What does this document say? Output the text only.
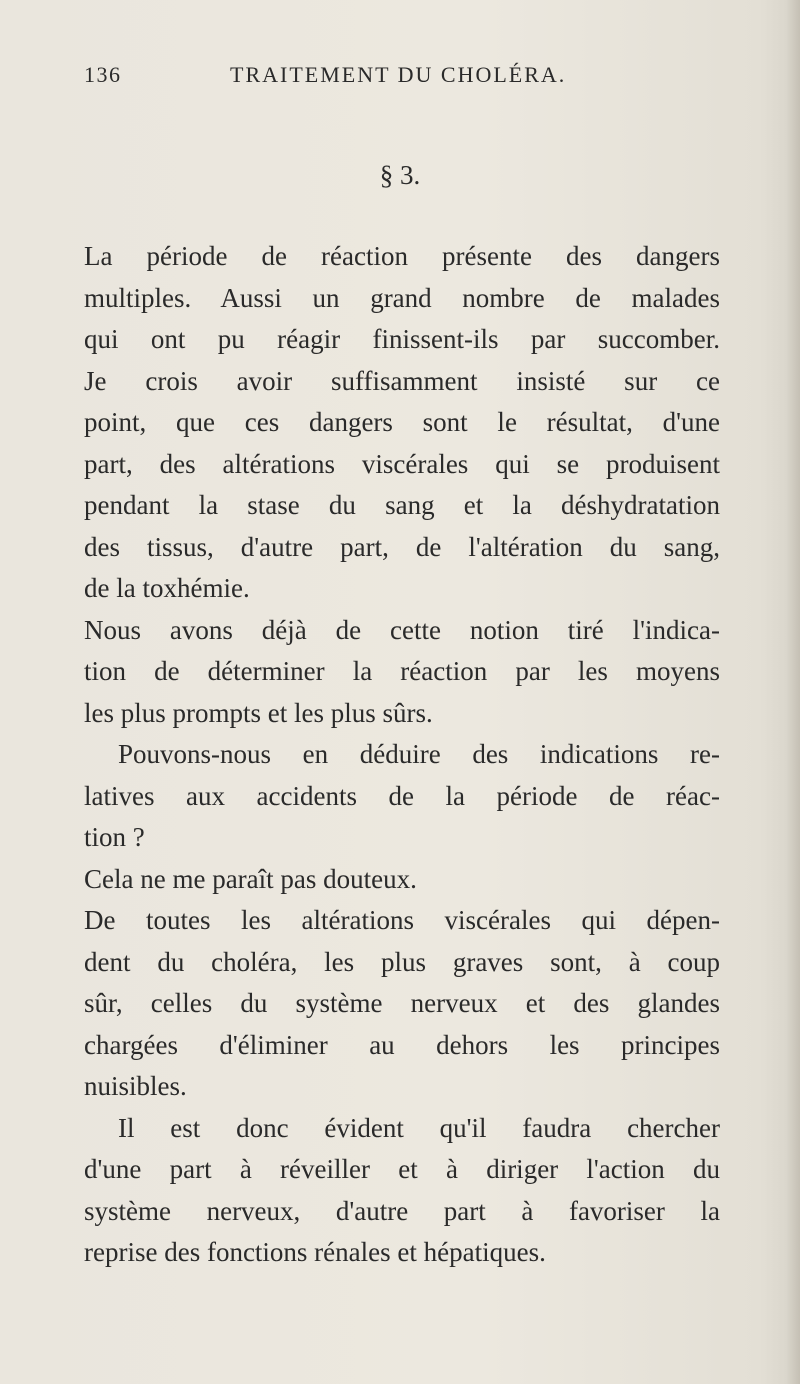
136	TRAITEMENT DU CHOLÉRA.
§ 3.
La période de réaction présente des dangers
multiples. Aussi un grand nombre de malades
qui ont pu réagir finissent-ils par succomber.
Je crois avoir suffisamment insisté sur ce
point, que ces dangers sont le résultat, d'une
part, des altérations viscérales qui se produisent
pendant la stase du sang et la déshydratation
des tissus, d'autre part, de l'altération du sang,
de la toxhémie.
Nous avons déjà de cette notion tiré l'indica-
tion de déterminer la réaction par les moyens
les plus prompts et les plus sûrs.
Pouvons-nous en déduire des indications re-
latives aux accidents de la période de réac-
tion ?
Cela ne me paraît pas douteux.
De toutes les altérations viscérales qui dépen-
dent du choléra, les plus graves sont, à coup
sûr, celles du système nerveux et des glandes
chargées d'éliminer au dehors les principes
nuisibles.
Il est donc évident qu'il faudra chercher
d'une part à réveiller et à diriger l'action du
système nerveux, d'autre part à favoriser la
reprise des fonctions rénales et hépatiques.
